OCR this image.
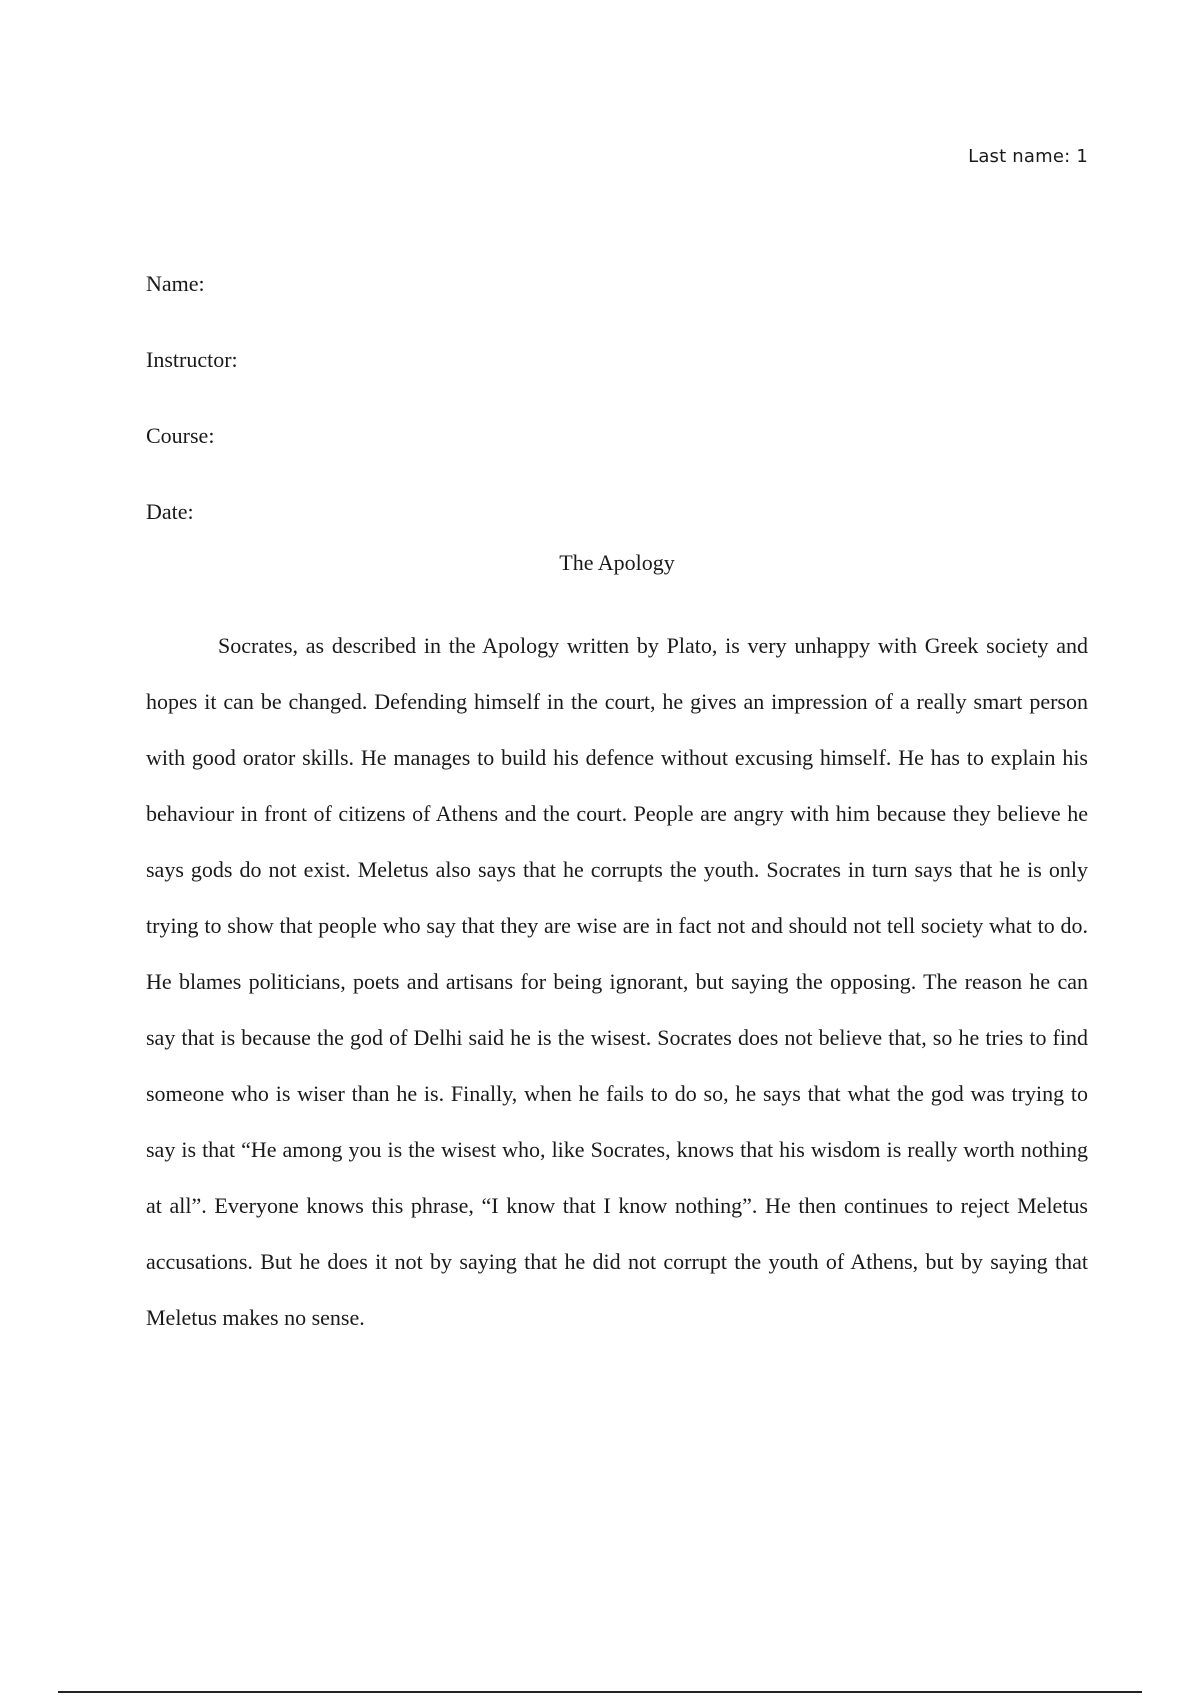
Last name: 1
Name:
Instructor:
Course:
Date:
The Apology

Socrates, as described in the Apology written by Plato, is very unhappy with Greek society and hopes it can be changed. Defending himself in the court, he gives an impression of a really smart person with good orator skills. He manages to build his defence without excusing himself. He has to explain his behaviour in front of citizens of Athens and the court. People are angry with him because they believe he says gods do not exist. Meletus also says that he corrupts the youth. Socrates in turn says that he is only trying to show that people who say that they are wise are in fact not and should not tell society what to do. He blames politicians, poets and artisans for being ignorant, but saying the opposing. The reason he can say that is because the god of Delhi said he is the wisest. Socrates does not believe that, so he tries to find someone who is wiser than he is. Finally, when he fails to do so, he says that what the god was trying to say is that “He among you is the wisest who, like Socrates, knows that his wisdom is really worth nothing at all”. Everyone knows this phrase, “I know that I know nothing”. He then continues to reject Meletus accusations. But he does it not by saying that he did not corrupt the youth of Athens, but by saying that Meletus makes no sense.
